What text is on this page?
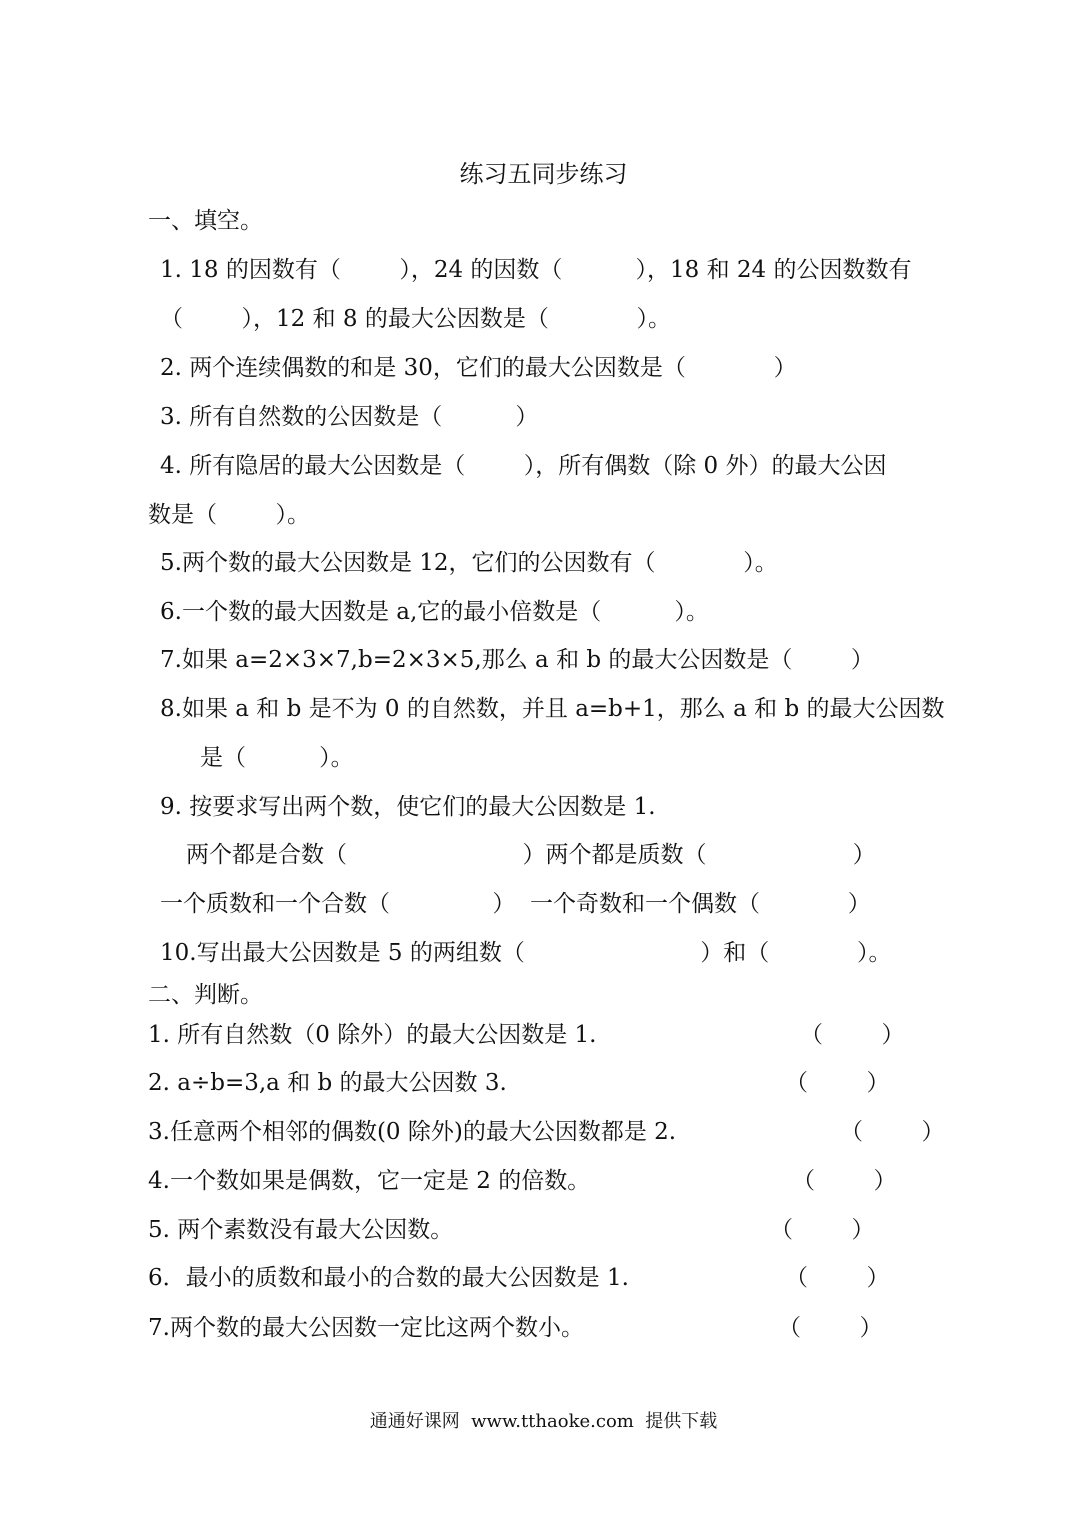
练习五同步练习
一、填空。
1. 18 的因数有（        ），24 的因数（          ），18 和 24 的公因数数有
（        ），12 和 8 的最大公因数是（            ）。
2. 两个连续偶数的和是 30，它们的最大公因数是（            ）
3. 所有自然数的公因数是（          ）
4. 所有隐居的最大公因数是（        ），所有偶数（除 0 外）的最大公因
数是（        ）。
5.两个数的最大公因数是 12，它们的公因数有（            ）。
6.一个数的最大因数是 a,它的最小倍数是（          ）。
7.如果 a=2×3×7,b=2×3×5,那么 a 和 b 的最大公因数是（        ）
8.如果 a 和 b 是不为 0 的自然数，并且 a=b+1，那么 a 和 b 的最大公因数
是（          ）。
9. 按要求写出两个数，使它们的最大公因数是 1.
两个都是合数（                        ）两个都是质数（                    ）
一个质数和一个合数（              ）  一个奇数和一个偶数（            ）
10.写出最大公因数是 5 的两组数（                        ）和（            ）。
二、判断。
1. 所有自然数（0 除外）的最大公因数是 1.	（        ）
2. a÷b=3,a 和 b 的最大公因数 3.	（        ）
3.任意两个相邻的偶数(0 除外)的最大公因数都是 2.	（        ）
4.一个数如果是偶数，它一定是 2 的倍数。	（        ）
5. 两个素数没有最大公因数。	（        ）
6．最小的质数和最小的合数的最大公因数是 1.	（        ）
7.两个数的最大公因数一定比这两个数小。	（        ）
通通好课网  www.tthaoke.com  提供下载
